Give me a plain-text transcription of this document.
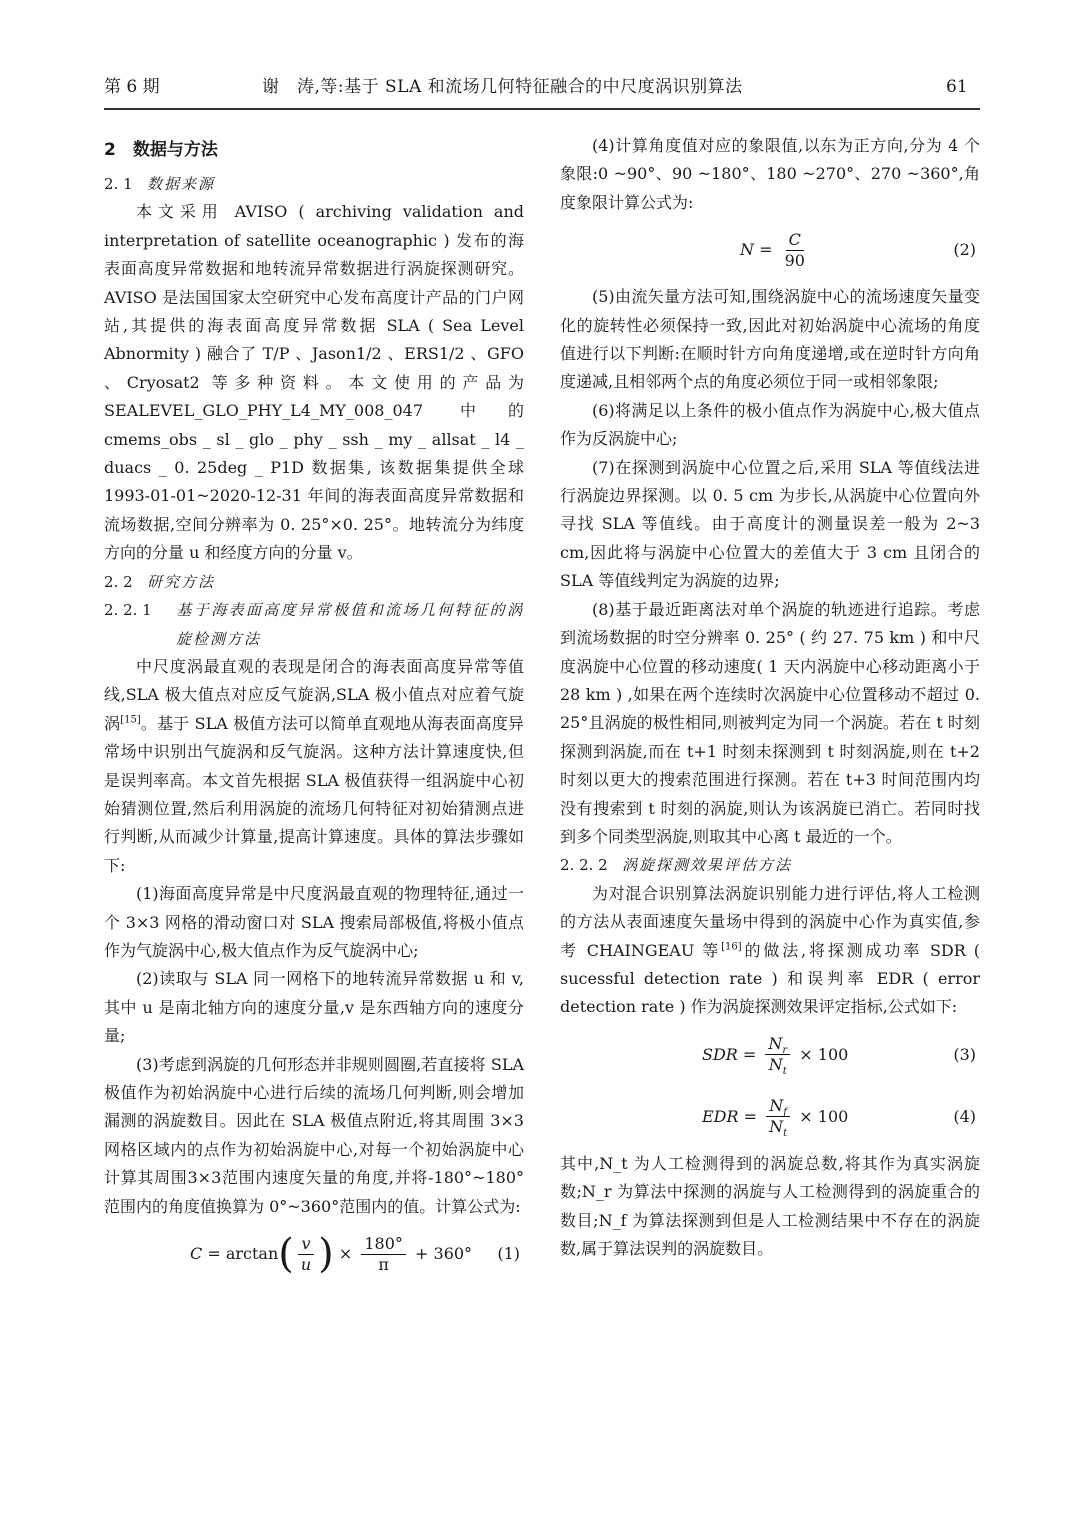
第 6 期	谢　涛,等:基于 SLA 和流场几何特征融合的中尺度涡识别算法	61

2　数据与方法

2. 1 数据来源

本文采用 AVISO ( archiving validation and interpretation of satellite oceanographic ) 发布的海表面高度异常数据和地转流异常数据进行涡旋探测研究。AVISO 是法国国家太空研究中心发布高度计产品的门户网站,其提供的海表面高度异常数据 SLA ( Sea Level Abnormity ) 融合了 T/P 、Jason1/2 、ERS1/2 、GFO 、Cryosat2 等多种资料。本文使用的产品为 SEALEVEL_GLO_PHY_L4_MY_008_047 中的 cmems_obs _ sl _ glo _ phy _ ssh _ my _ allsat _ l4 _ duacs _ 0. 25deg _ P1D 数据集, 该数据集提供全球 1993-01-01~2020-12-31 年间的海表面高度异常数据和流场数据,空间分辨率为 0. 25°×0. 25°。地转流分为纬度方向的分量 u 和经度方向的分量 v。

2. 2 研究方法

2. 2. 1 基于海表面高度异常极值和流场几何特征的涡旋检测方法

中尺度涡最直观的表现是闭合的海表面高度异常等值线,SLA 极大值点对应反气旋涡,SLA 极小值点对应着气旋涡[15]。基于 SLA 极值方法可以简单直观地从海表面高度异常场中识别出气旋涡和反气旋涡。这种方法计算速度快,但是误判率高。本文首先根据 SLA 极值获得一组涡旋中心初始猜测位置,然后利用涡旋的流场几何特征对初始猜测点进行判断,从而减少计算量,提高计算速度。具体的算法步骤如下:

(1)海面高度异常是中尺度涡最直观的物理特征,通过一个 3×3 网格的滑动窗口对 SLA 搜索局部极值,将极小值点作为气旋涡中心,极大值点作为反气旋涡中心;

(2)读取与 SLA 同一网格下的地转流异常数据 u 和 v,其中 u 是南北轴方向的速度分量,v 是东西轴方向的速度分量;

(3)考虑到涡旋的几何形态并非规则圆圈,若直接将 SLA 极值作为初始涡旋中心进行后续的流场几何判断,则会增加漏测的涡旋数目。因此在 SLA 极值点附近,将其周围 3×3 网格区域内的点作为初始涡旋中心,对每一个初始涡旋中心计算其周围3×3范围内速度矢量的角度,并将-180°~180°范围内的角度值换算为 0°~360°范围内的值。计算公式为:

C = arctan ( $\frac{v}{u}$ )
×
$\frac{180^\circ}{\pi}$
+ 360° (1)

(4)计算角度值对应的象限值,以东为正方向,分为 4 个象限:0 ~90°、90 ~180°、180 ~270°、270 ~360°,角度象限计算公式为:

$N = \frac{C}{90}$	(2)

(5)由流矢量方法可知,围绕涡旋中心的流场速度矢量变化的旋转性必须保持一致,因此对初始涡旋中心流场的角度值进行以下判断:在顺时针方向角度递增,或在逆时针方向角度递减,且相邻两个点的角度必须位于同一或相邻象限;

(6)将满足以上条件的极小值点作为涡旋中心,极大值点作为反涡旋中心;

(7)在探测到涡旋中心位置之后,采用 SLA 等值线法进行涡旋边界探测。以 0. 5 cm 为步长,从涡旋中心位置向外寻找 SLA 等值线。由于高度计的测量误差一般为 2~3 cm,因此将与涡旋中心位置大的差值大于 3 cm 且闭合的 SLA 等值线判定为涡旋的边界;

(8)基于最近距离法对单个涡旋的轨迹进行追踪。考虑到流场数据的时空分辨率 0. 25° ( 约 27. 75 km ) 和中尺度涡旋中心位置的移动速度( 1 天内涡旋中心移动距离小于 28 km ) ,如果在两个连续时次涡旋中心位置移动不超过 0. 25°且涡旋的极性相同,则被判定为同一个涡旋。若在 t 时刻探测到涡旋,而在 t+1 时刻未探测到 t 时刻涡旋,则在 t+2 时刻以更大的搜索范围进行探测。若在 t+3 时间范围内均没有搜索到 t 时刻的涡旋,则认为该涡旋已消亡。若同时找到多个同类型涡旋,则取其中心离 t 最近的一个。

2. 2. 2 涡旋探测效果评估方法

为对混合识别算法涡旋识别能力进行评估,将人工检测的方法从表面速度矢量场中得到的涡旋中心作为真实值,参考 CHAINGEAU 等[16]的做法,将探测成功率 SDR ( sucessful detection rate ) 和误判率 EDR ( error detection rate ) 作为涡旋探测效果评定指标,公式如下:

SDR = $\frac{N_r}{N_t}$
× 100	(3)
EDR = $\frac{N_f}{N_t}$
× 100	(4)

其中,N_t 为人工检测得到的涡旋总数,将其作为真实涡旋数;N_r 为算法中探测的涡旋与人工检测得到的涡旋重合的数目;N_f 为算法探测到但是人工检测结果中不存在的涡旋数,属于算法误判的涡旋数目。
